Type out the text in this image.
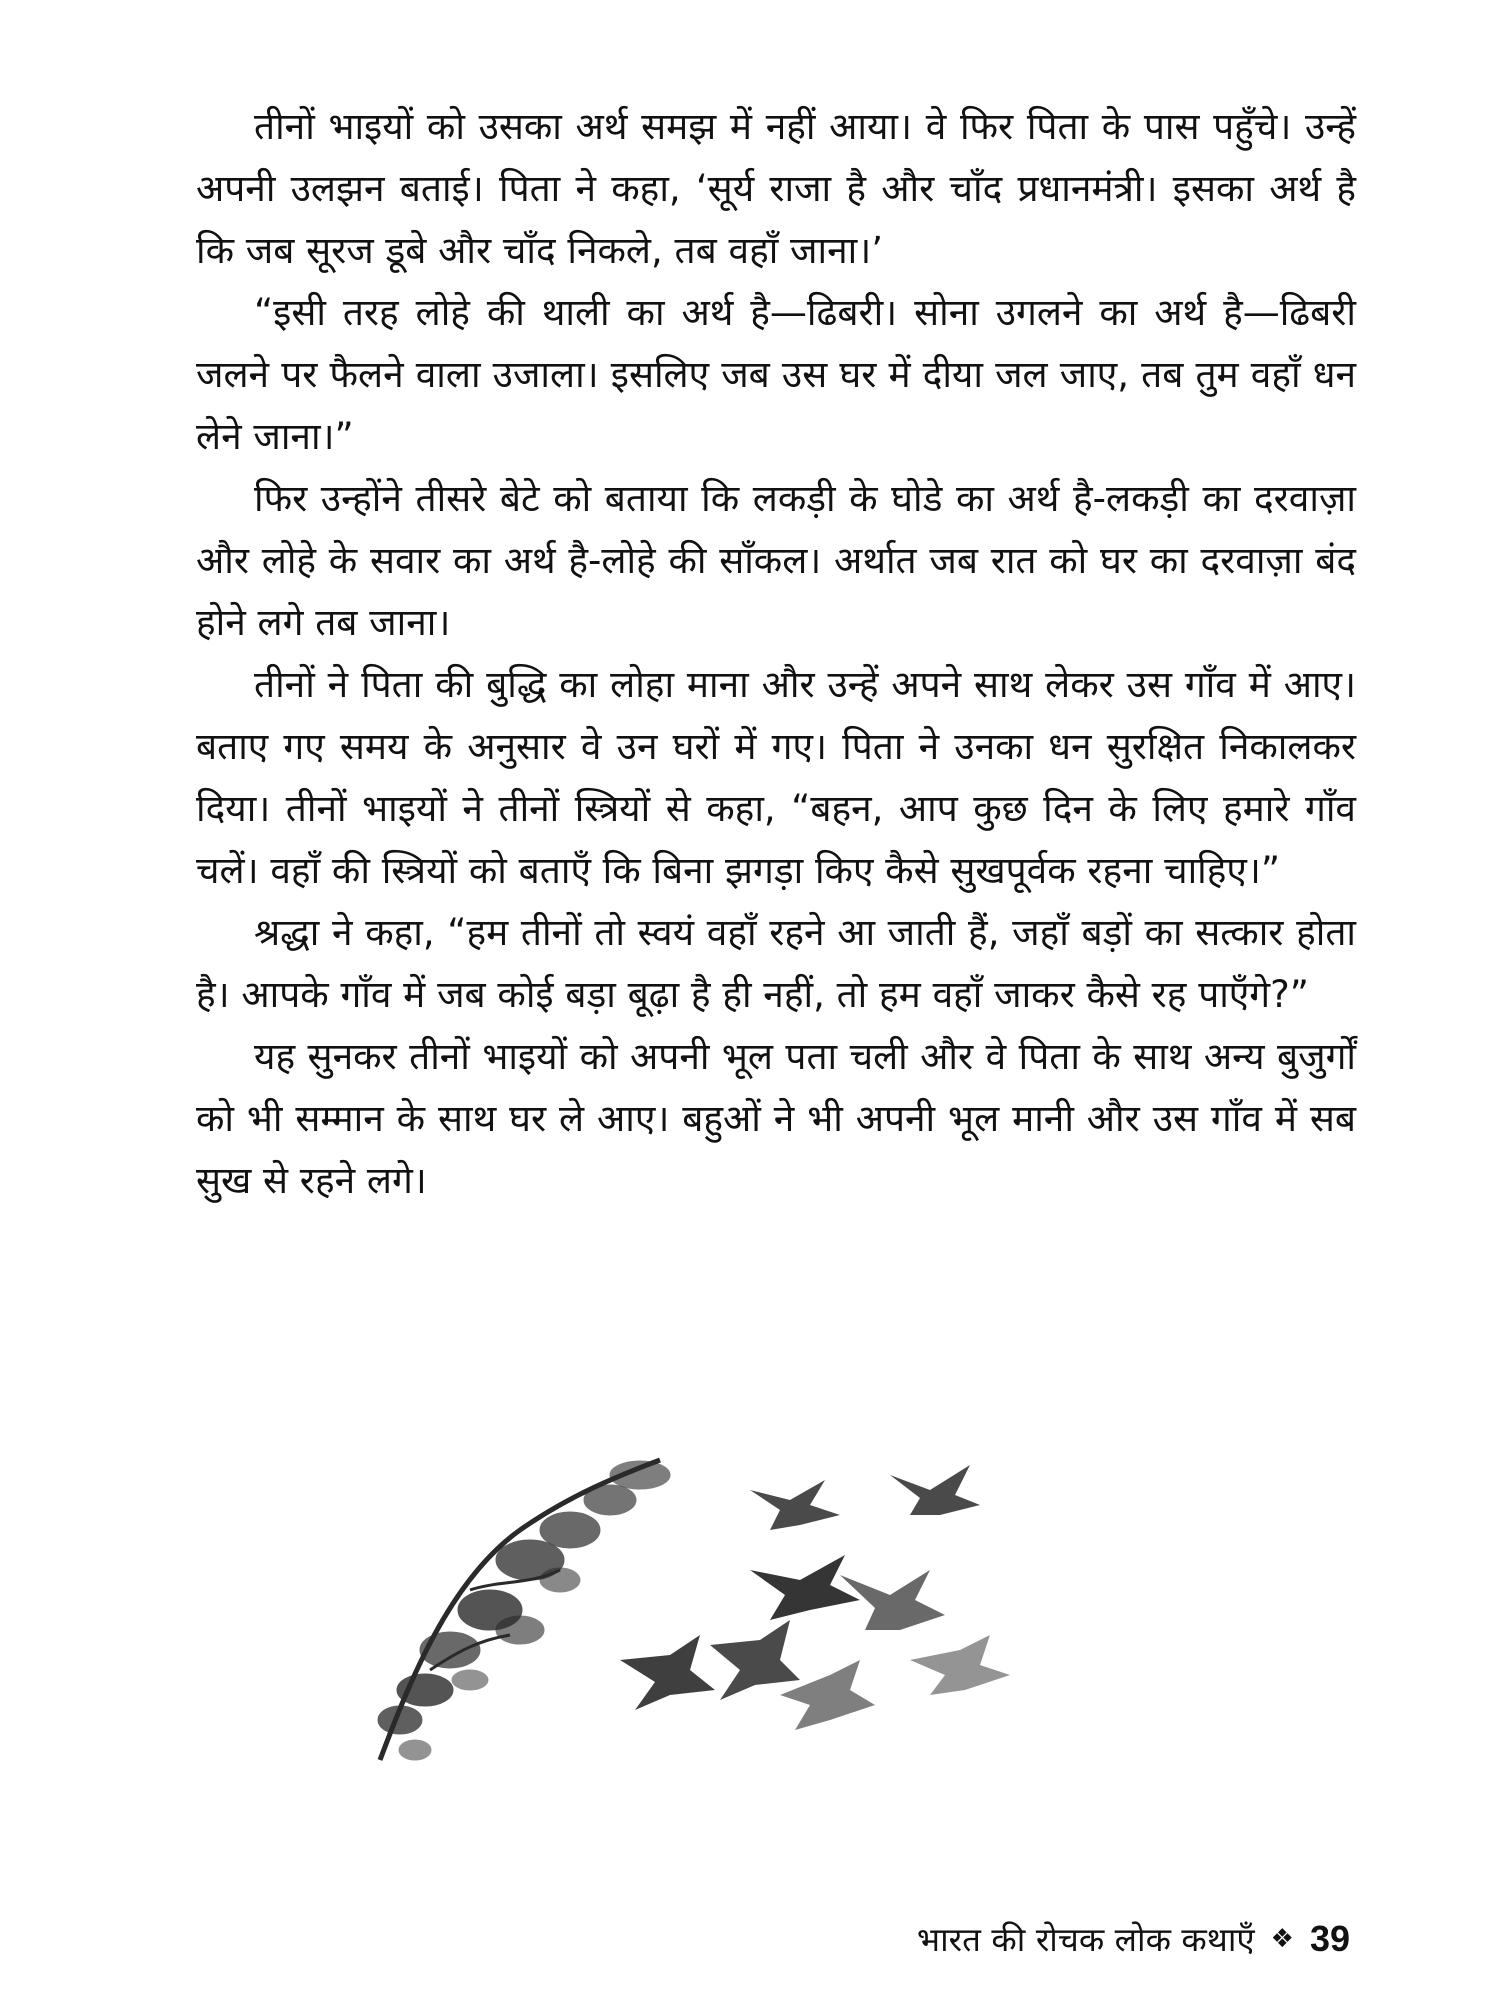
तीनों भाइयों को उसका अर्थ समझ में नहीं आया। वे फिर पिता के पास पहुँचे। उन्हें अपनी उलझन बताई। पिता ने कहा, ‘सूर्य राजा है और चाँद प्रधानमंत्री। इसका अर्थ है कि जब सूरज डूबे और चाँद निकले, तब वहाँ जाना।’

“इसी तरह लोहे की थाली का अर्थ है—ढिबरी। सोना उगलने का अर्थ है—ढिबरी जलने पर फैलने वाला उजाला। इसलिए जब उस घर में दीया जल जाए, तब तुम वहाँ धन लेने जाना।”

फिर उन्होंने तीसरे बेटे को बताया कि लकड़ी के घोडे का अर्थ है-लकड़ी का दरवाज़ा और लोहे के सवार का अर्थ है-लोहे की साँकल। अर्थात जब रात को घर का दरवाज़ा बंद होने लगे तब जाना।

तीनों ने पिता की बुद्धि का लोहा माना और उन्हें अपने साथ लेकर उस गाँव में आए। बताए गए समय के अनुसार वे उन घरों में गए। पिता ने उनका धन सुरक्षित निकालकर दिया। तीनों भाइयों ने तीनों स्त्रियों से कहा, “बहन, आप कुछ दिन के लिए हमारे गाँव चलें। वहाँ की स्त्रियों को बताएँ कि बिना झगड़ा किए कैसे सुखपूर्वक रहना चाहिए।”

श्रद्धा ने कहा, “हम तीनों तो स्वयं वहाँ रहने आ जाती हैं, जहाँ बड़ों का सत्कार होता है। आपके गाँव में जब कोई बड़ा बूढ़ा है ही नहीं, तो हम वहाँ जाकर कैसे रह पाएँगे?”

यह सुनकर तीनों भाइयों को अपनी भूल पता चली और वे पिता के साथ अन्य बुजुर्गों को भी सम्मान के साथ घर ले आए। बहुओं ने भी अपनी भूल मानी और उस गाँव में सब सुख से रहने लगे।

भारत की रोचक लोक कथाएँ ❖ 39
